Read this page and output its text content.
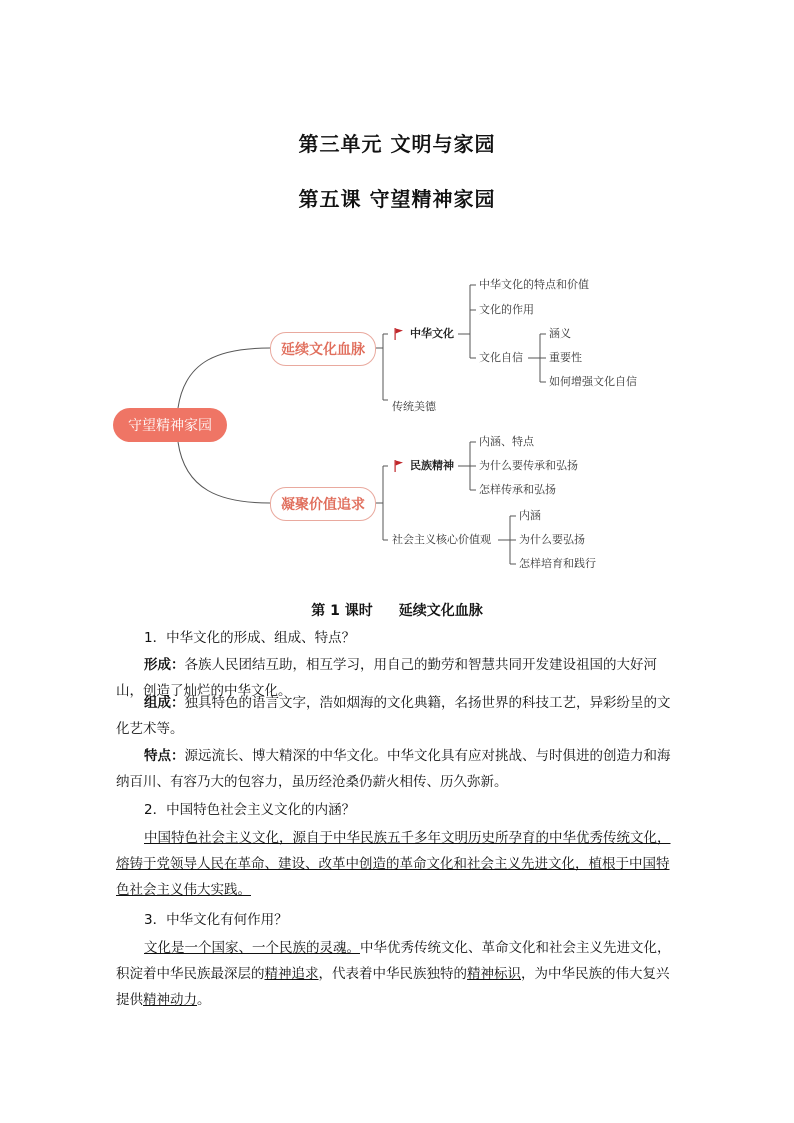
第三单元 文明与家园
第五课 守望精神家园
守望精神家园
延续文化血脉
凝聚价值追求
中华文化
中华文化的特点和价值
文化的作用
文化自信
涵义
重要性
如何增强文化自信
传统美德
民族精神
内涵、特点
为什么要传承和弘扬
怎样传承和弘扬
社会主义核心价值观
内涵
为什么要弘扬
怎样培育和践行
第 1 课时 延续文化血脉
1．中华文化的形成、组成、特点？
形成：各族人民团结互助，相互学习，用自己的勤劳和智慧共同开发建设祖国的大好河山，创造了灿烂的中华文化。
组成：独具特色的语言文字，浩如烟海的文化典籍，名扬世界的科技工艺，异彩纷呈的文化艺术等。
特点：源远流长、博大精深的中华文化。中华文化具有应对挑战、与时俱进的创造力和海纳百川、有容乃大的包容力，虽历经沧桑仍薪火相传、历久弥新。
2．中国特色社会主义文化的内涵？
中国特色社会主义文化，源自于中华民族五千多年文明历史所孕育的中华优秀传统文化，熔铸于党领导人民在革命、建设、改革中创造的革命文化和社会主义先进文化，植根于中国特色社会主义伟大实践。
3．中华文化有何作用？
文化是一个国家、一个民族的灵魂。中华优秀传统文化、革命文化和社会主义先进文化，积淀着中华民族最深层的精神追求，代表着中华民族独特的精神标识，为中华民族的伟大复兴提供精神动力。
